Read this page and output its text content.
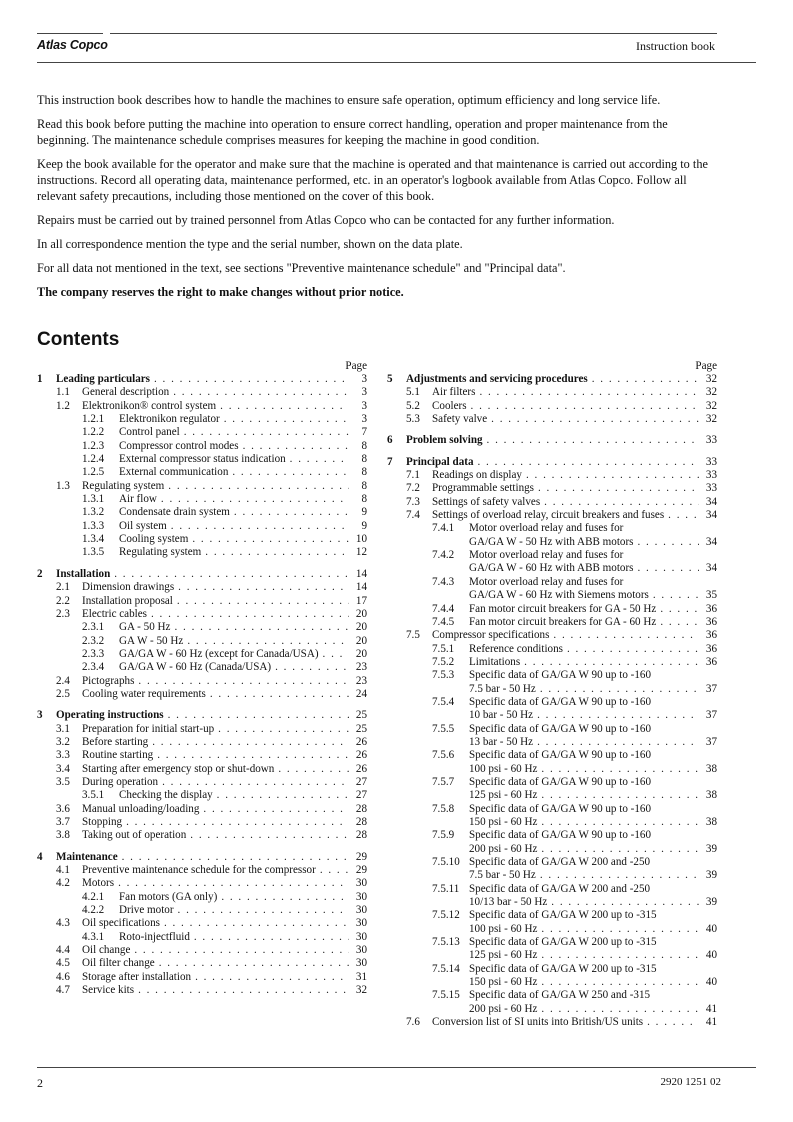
Atlas Copco	Instruction book

This instruction book describes how to handle the machines to ensure safe operation, optimum efficiency and long service life.

Read this book before putting the machine into operation to ensure correct handling, operation and proper maintenance from the beginning. The maintenance schedule comprises measures for keeping the machine in good condition.

Keep the book available for the operator and make sure that the machine is operated and that maintenance is carried out according to the instructions. Record all operating data, maintenance performed, etc. in an operator's logbook available from Atlas Copco. Follow all relevant safety precautions, including those mentioned on the cover of this book.

Repairs must be carried out by trained personnel from Atlas Copco who can be contacted for any further information.

In all correspondence mention the type and the serial number, shown on the data plate.

For all data not mentioned in the text, see sections "Preventive maintenance schedule" and "Principal data".

The company reserves the right to make changes without prior notice.

Contents
Page
1	Leading particulars . . .	3
1.1	General description . . .	3
1.2	Elektronikon® control system . . .	3
1.2.1	Elektronikon regulator . . .	3
1.2.2	Control panel . . .	7
1.2.3	Compressor control modes . . .	8
1.2.4	External compressor status indication . . .	8
1.2.5	External communication . . .	8
1.3	Regulating system . . .	8
1.3.1	Air flow . . .	8
1.3.2	Condensate drain system . . .	9
1.3.3	Oil system . . .	9
1.3.4	Cooling system . . .	10
1.3.5	Regulating system . . .	12
2	Installation . . .	14
2.1	Dimension drawings . . .	14
2.2	Installation proposal . . .	17
2.3	Electric cables . . .	20
2.3.1	GA - 50 Hz . . .	20
2.3.2	GA W - 50 Hz . . .	20
2.3.3	GA/GA W - 60 Hz (except for Canada/USA) . . .	20
2.3.4	GA/GA W - 60 Hz (Canada/USA) . . .	23
2.4	Pictographs . . .	23
2.5	Cooling water requirements . . .	24
3	Operating instructions . . .	25
3.1	Preparation for initial start-up . . .	25
3.2	Before starting . . .	26
3.3	Routine starting . . .	26
3.4	Starting after emergency stop or shut-down . . .	26
3.5	During operation . . .	27
3.5.1	Checking the display . . .	27
3.6	Manual unloading/loading . . .	28
3.7	Stopping . . .	28
3.8	Taking out of operation . . .	28
4	Maintenance . . .	29
4.1	Preventive maintenance schedule for the compressor . . .	29
4.2	Motors . . .	30
4.2.1	Fan motors (GA only) . . .	30
4.2.2	Drive motor . . .	30
4.3	Oil specifications . . .	30
4.3.1	Roto-injectfluid . . .	30
4.4	Oil change . . .	30
4.5	Oil filter change . . .	30
4.6	Storage after installation . . .	31
4.7	Service kits . . .	32
Page
5	Adjustments and servicing procedures . . .	32
5.1	Air filters . . .	32
5.2	Coolers . . .	32
5.3	Safety valve . . .	32
6	Problem solving . . .	33
7	Principal data . . .	33
7.1	Readings on display . . .	33
7.2	Programmable settings . . .	33
7.3	Settings of safety valves . . .	34
7.4	Settings of overload relay, circuit breakers and fuses . . .	34
7.4.1	Motor overload relay and fuses for
GA/GA W - 50 Hz with ABB motors . . .	34
7.4.2	Motor overload relay and fuses for
GA/GA W - 60 Hz with ABB motors . . .	34
7.4.3	Motor overload relay and fuses for
GA/GA W - 60 Hz with Siemens motors . . .	35
7.4.4	Fan motor circuit breakers for GA - 50 Hz . . .	36
7.4.5	Fan motor circuit breakers for GA - 60 Hz . . .	36
7.5	Compressor specifications . . .	36
7.5.1	Reference conditions . . .	36
7.5.2	Limitations . . .	36
7.5.3	Specific data of GA/GA W 90 up to -160
7.5 bar - 50 Hz . . .	37
7.5.4	Specific data of GA/GA W 90 up to -160
10 bar - 50 Hz . . .	37
7.5.5	Specific data of GA/GA W 90 up to -160
13 bar - 50 Hz . . .	37
7.5.6	Specific data of GA/GA W 90 up to -160
100 psi - 60 Hz . . .	38
7.5.7	Specific data of GA/GA W 90 up to -160
125 psi - 60 Hz . . .	38
7.5.8	Specific data of GA/GA W 90 up to -160
150 psi - 60 Hz . . .	38
7.5.9	Specific data of GA/GA W 90 up to -160
200 psi - 60 Hz . . .	39
7.5.10 Specific data of GA/GA W 200 and -250
7.5 bar - 50 Hz . . .	39
7.5.11 Specific data of GA/GA W 200 and -250
10/13 bar - 50 Hz . . .	39
7.5.12 Specific data of GA/GA W 200 up to -315
100 psi - 60 Hz . . .	40
7.5.13 Specific data of GA/GA W 200 up to -315
125 psi - 60 Hz . . .	40
7.5.14 Specific data of GA/GA W 200 up to -315
150 psi - 60 Hz . . .	40
7.5.15 Specific data of GA/GA W 250 and -315
200 psi - 60 Hz . . .	41
7.6	Conversion list of SI units into British/US units . . .	41
2	2920 1251 02
